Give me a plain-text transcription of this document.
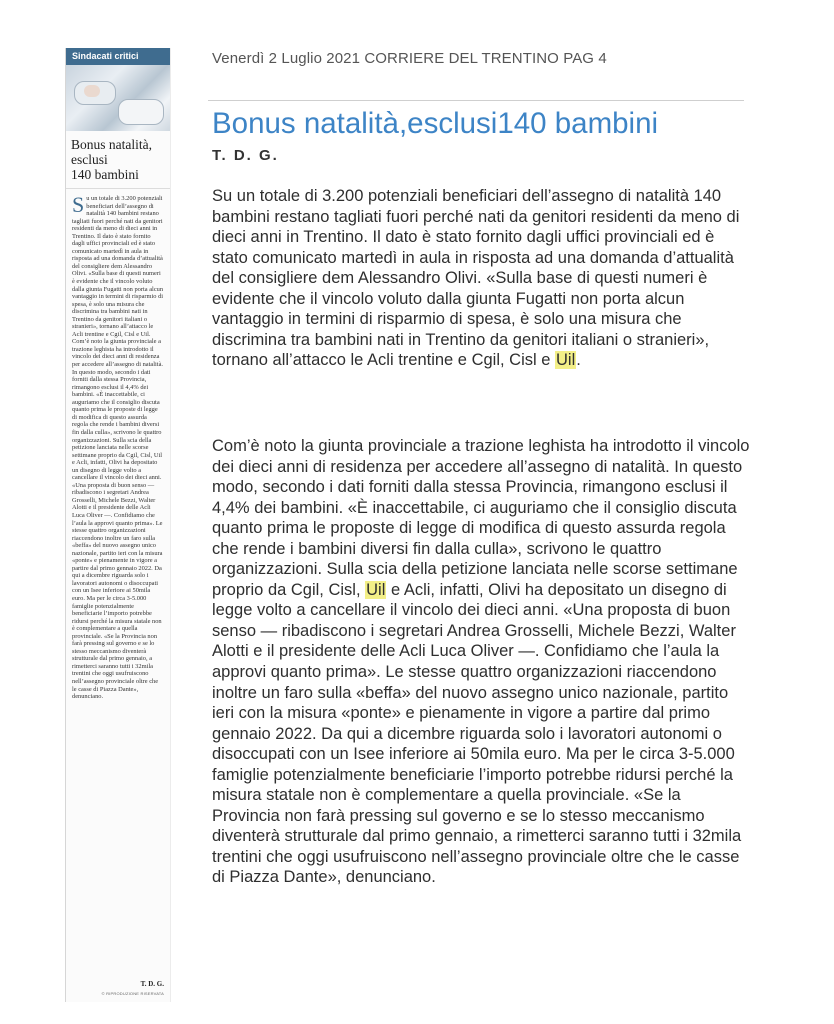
Sindacati critici
Bonus natalità,
esclusi
140 bambini
Su un totale di 3.200 potenziali beneficiari dell’assegno di natalità 140 bambini restano tagliati fuori perché nati da genitori residenti da meno di dieci anni in Trentino. Il dato è stato fornito dagli uffici provinciali ed è stato comunicato martedì in aula in risposta ad una domanda d’attualità del consigliere dem Alessandro Olivi. «Sulla base di questi numeri è evidente che il vincolo voluto dalla giunta Fugatti non porta alcun vantaggio in termini di risparmio di spesa, è solo una misura che discrimina tra bambini nati in Trentino da genitori italiani o stranieri», tornano all’attacco le Acli trentine e Cgil, Cisl e Uil. Com’è noto la giunta provinciale a trazione leghista ha introdotto il vincolo dei dieci anni di residenza per accedere all’assegno di natalità. In questo modo, secondo i dati forniti dalla stessa Provincia, rimangono esclusi il 4,4% dei bambini. «È inaccettabile, ci auguriamo che il consiglio discuta quanto prima le proposte di legge di modifica di questo assurda regola che rende i bambini diversi fin dalla culla», scrivono le quattro organizzazioni. Sulla scia della petizione lanciata nelle scorse settimane proprio da Cgil, Cisl, Uil e Acli, infatti, Olivi ha depositato un disegno di legge volto a cancellare il vincolo dei dieci anni. «Una proposta di buon senso — ribadiscono i segretari Andrea Grosselli, Michele Bezzi, Walter Alotti e il presidente delle Acli Luca Oliver —. Confidiamo che l’aula la approvi quanto prima». Le stesse quattro organizzazioni riaccendono inoltre un faro sulla «beffa» del nuovo assegno unico nazionale, partito ieri con la misura «ponte» e pienamente in vigore a partire dal primo gennaio 2022. Da qui a dicembre riguarda solo i lavoratori autonomi o disoccupati con un Isee inferiore ai 50mila euro. Ma per le circa 3-5.000 famiglie potenzialmente beneficiarie l’importo potrebbe ridursi perché la misura statale non è complementare a quella provinciale. «Se la Provincia non farà pressing sul governo e se lo stesso meccanismo diventerà strutturale dal primo gennaio, a rimetterci saranno tutti i 32mila trentini che oggi usufruiscono nell’assegno provinciale oltre che le casse di Piazza Dante», denunciano.
T. D. G.
© RIPRODUZIONE RISERVATA
Venerdì 2 Luglio 2021 CORRIERE DEL TRENTINO PAG 4
Bonus natalità,esclusi140 bambini
T. D. G.
Su un totale di 3.200 potenziali beneficiari dell’assegno di natalità 140 bambini restano tagliati fuori perché nati da genitori residenti da meno di dieci anni in Trentino. Il dato è stato fornito dagli uffici provinciali ed è stato comunicato martedì in aula in risposta ad una domanda d’attualità del consigliere dem Alessandro Olivi. «Sulla base di questi numeri è evidente che il vincolo voluto dalla giunta Fugatti non porta alcun vantaggio in termini di risparmio di spesa, è solo una misura che discrimina tra bambini nati in Trentino da genitori italiani o stranieri», tornano all’attacco le Acli trentine e Cgil, Cisl e Uil.
Com’è noto la giunta provinciale a trazione leghista ha introdotto il vincolo dei dieci anni di residenza per accedere all’assegno di natalità. In questo modo, secondo i dati forniti dalla stessa Provincia, rimangono esclusi il 4,4% dei bambini. «È inaccettabile, ci auguriamo che il consiglio discuta quanto prima le proposte di legge di modifica di questo assurda regola che rende i bambini diversi fin dalla culla», scrivono le quattro organizzazioni. Sulla scia della petizione lanciata nelle scorse settimane proprio da Cgil, Cisl, Uil e Acli, infatti, Olivi ha depositato un disegno di legge volto a cancellare il vincolo dei dieci anni. «Una proposta di buon senso — ribadiscono i segretari Andrea Grosselli, Michele Bezzi, Walter Alotti e il presidente delle Acli Luca Oliver —. Confidiamo che l’aula la approvi quanto prima». Le stesse quattro organizzazioni riaccendono inoltre un faro sulla «beffa» del nuovo assegno unico nazionale, partito ieri con la misura «ponte» e pienamente in vigore a partire dal primo gennaio 2022. Da qui a dicembre riguarda solo i lavoratori autonomi o disoccupati con un Isee inferiore ai 50mila euro. Ma per le circa 3-5.000 famiglie potenzialmente beneficiarie l’importo potrebbe ridursi perché la misura statale non è complementare a quella provinciale. «Se la Provincia non farà pressing sul governo e se lo stesso meccanismo diventerà strutturale dal primo gennaio, a rimetterci saranno tutti i 32mila trentini che oggi usufruiscono nell’assegno provinciale oltre che le casse di Piazza Dante», denunciano.
